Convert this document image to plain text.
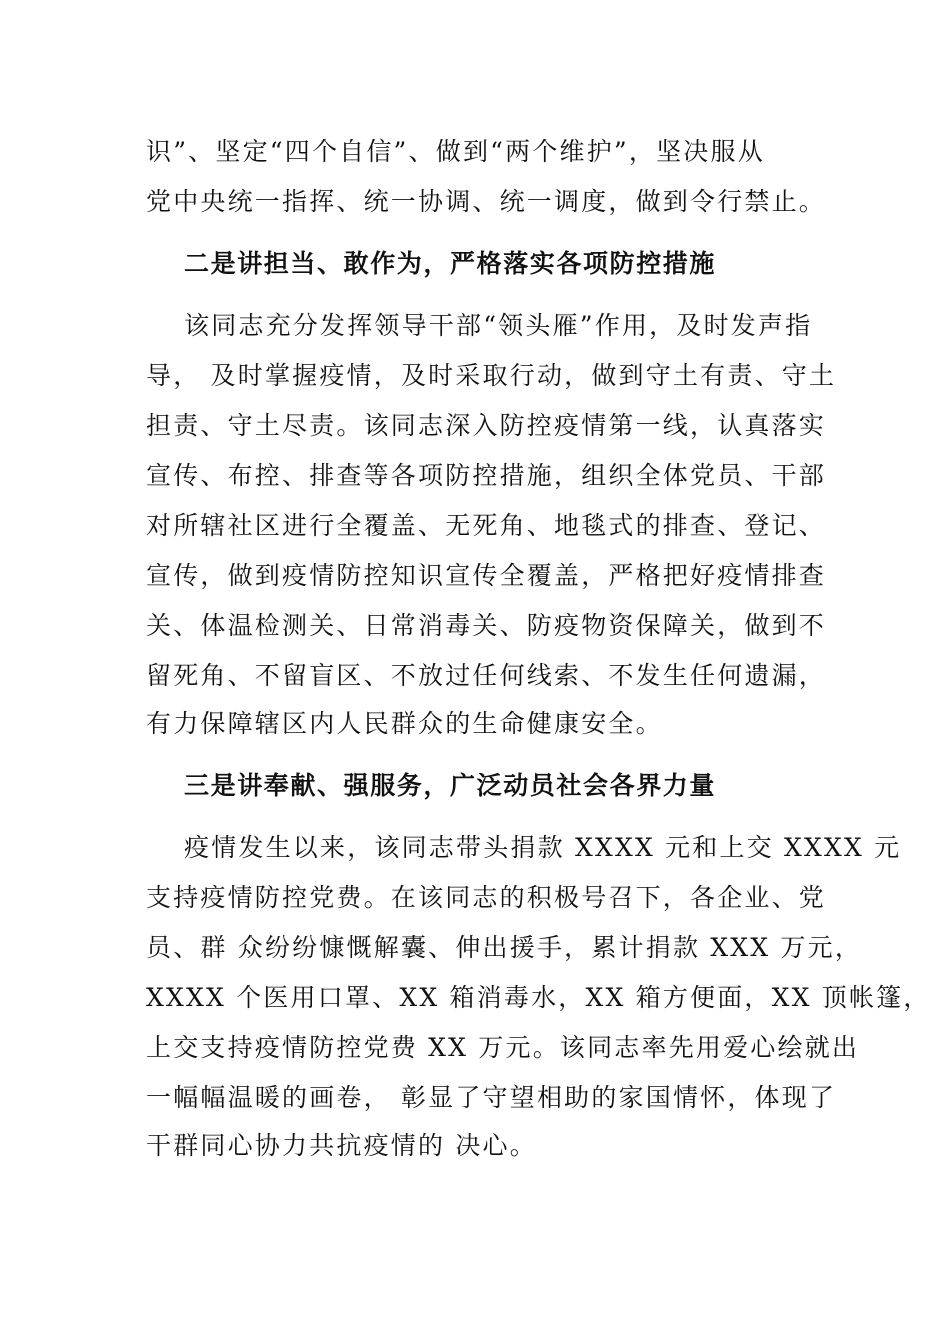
识”、坚定“四个自信”、做到“两个维护”，坚决服从
党中央统一指挥、统一协调、统一调度，做到令行禁止。
二是讲担当、敢作为，严格落实各项防控措施
该同志充分发挥领导干部“领头雁”作用，及时发声指
导， 及时掌握疫情，及时采取行动，做到守土有责、守土
担责、守土尽责。该同志深入防控疫情第一线，认真落实
宣传、布控、排查等各项防控措施，组织全体党员、干部
对所辖社区进行全覆盖、无死角、地毯式的排查、登记、
宣传，做到疫情防控知识宣传全覆盖，严格把好疫情排查
关、体温检测关、日常消毒关、防疫物资保障关，做到不
留死角、不留盲区、不放过任何线索、不发生任何遗漏，
有力保障辖区内人民群众的生命健康安全。
三是讲奉献、强服务，广泛动员社会各界力量
疫情发生以来，该同志带头捐款 XXXX 元和上交 XXXX 元
支持疫情防控党费。在该同志的积极号召下，各企业、党
员、群 众纷纷慷慨解囊、伸出援手，累计捐款 XXX 万元，
XXXX 个医用口罩、XX 箱消毒水，XX 箱方便面，XX 顶帐篷，
上交支持疫情防控党费 XX 万元。该同志率先用爱心绘就出
一幅幅温暖的画卷， 彰显了守望相助的家国情怀，体现了
干群同心协力共抗疫情的 决心。
